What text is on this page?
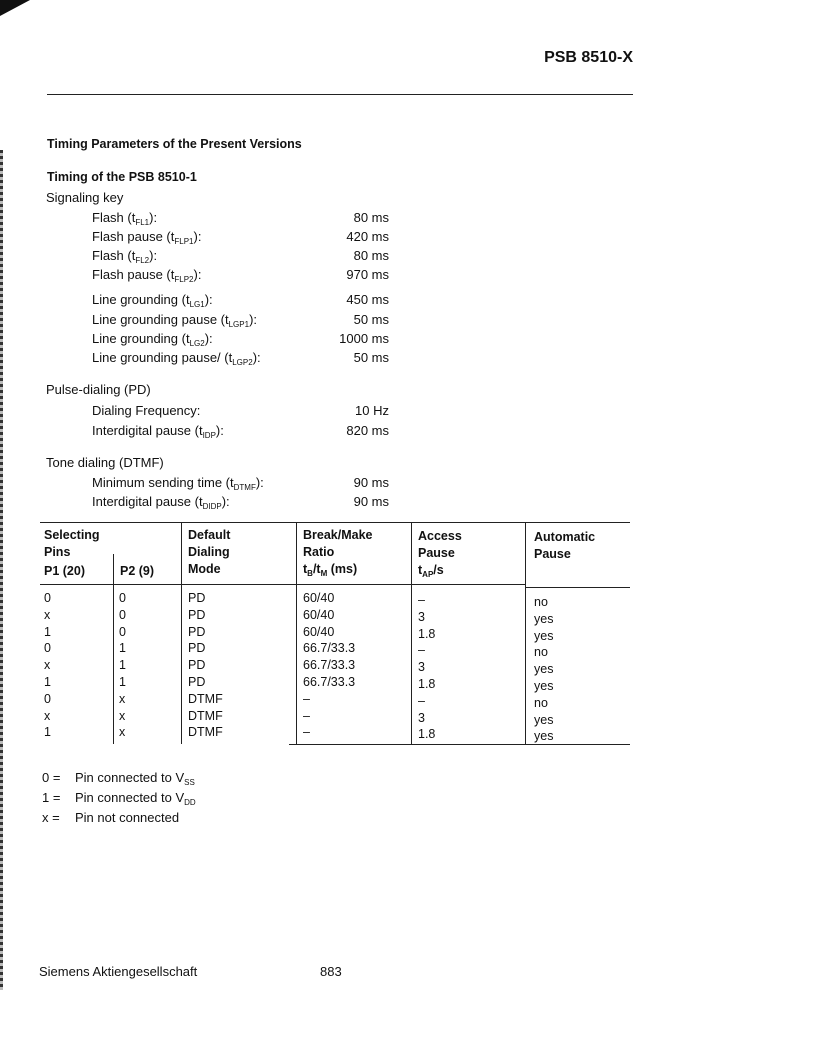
PSB 8510-X
Timing Parameters of the Present Versions
Timing of the PSB 8510-1
Signaling key
Flash $(t_{FL1})$:	80 ms
Flash pause $(t_{FLP1})$:	420 ms
Flash $(t_{FL2})$:	80 ms
Flash pause $(t_{FLP2})$:	970 ms
Line grounding $(t_{LG1})$:	450 ms
Line grounding pause $(t_{LGP1})$:	50 ms
Line grounding $(t_{LG2})$:	1000 ms
Line grounding pause/ $(t_{LGP2})$:	50 ms
Pulse-dialing (PD)
Dialing Frequency:	10 Hz
Interdigital pause $(t_{IDP})$:	820 ms
Tone dialing (DTMF)
Minimum sending time $(t_{DTMF})$:	90 ms
Interdigital pause $(t_{DIDP})$:	90 ms
Selecting
Pins
P1 (20)	P2 (9)
Default
Dialing
Mode
Break/Make
Ratio
$t_B/t_M$ (ms)
Access
Pause
$t_{AP}/s$
Automatic
Pause
0	0	PD	60/40	–	no
x	0	PD	60/40	3	yes
1	0	PD	60/40	1.8	yes
0	1	PD	66.7/33.3	–	no
x	1	PD	66.7/33.3	3	yes
1	1	PD	66.7/33.3	1.8	yes
0	x	DTMF	–	–	no
x	x	DTMF	–	3	yes
1	x	DTMF	–	1.8	yes
0 = Pin connected to $V_{SS}$
1 = Pin connected to $V_{DD}$
x = Pin not connected
Siemens Aktiengesellschaft	883
